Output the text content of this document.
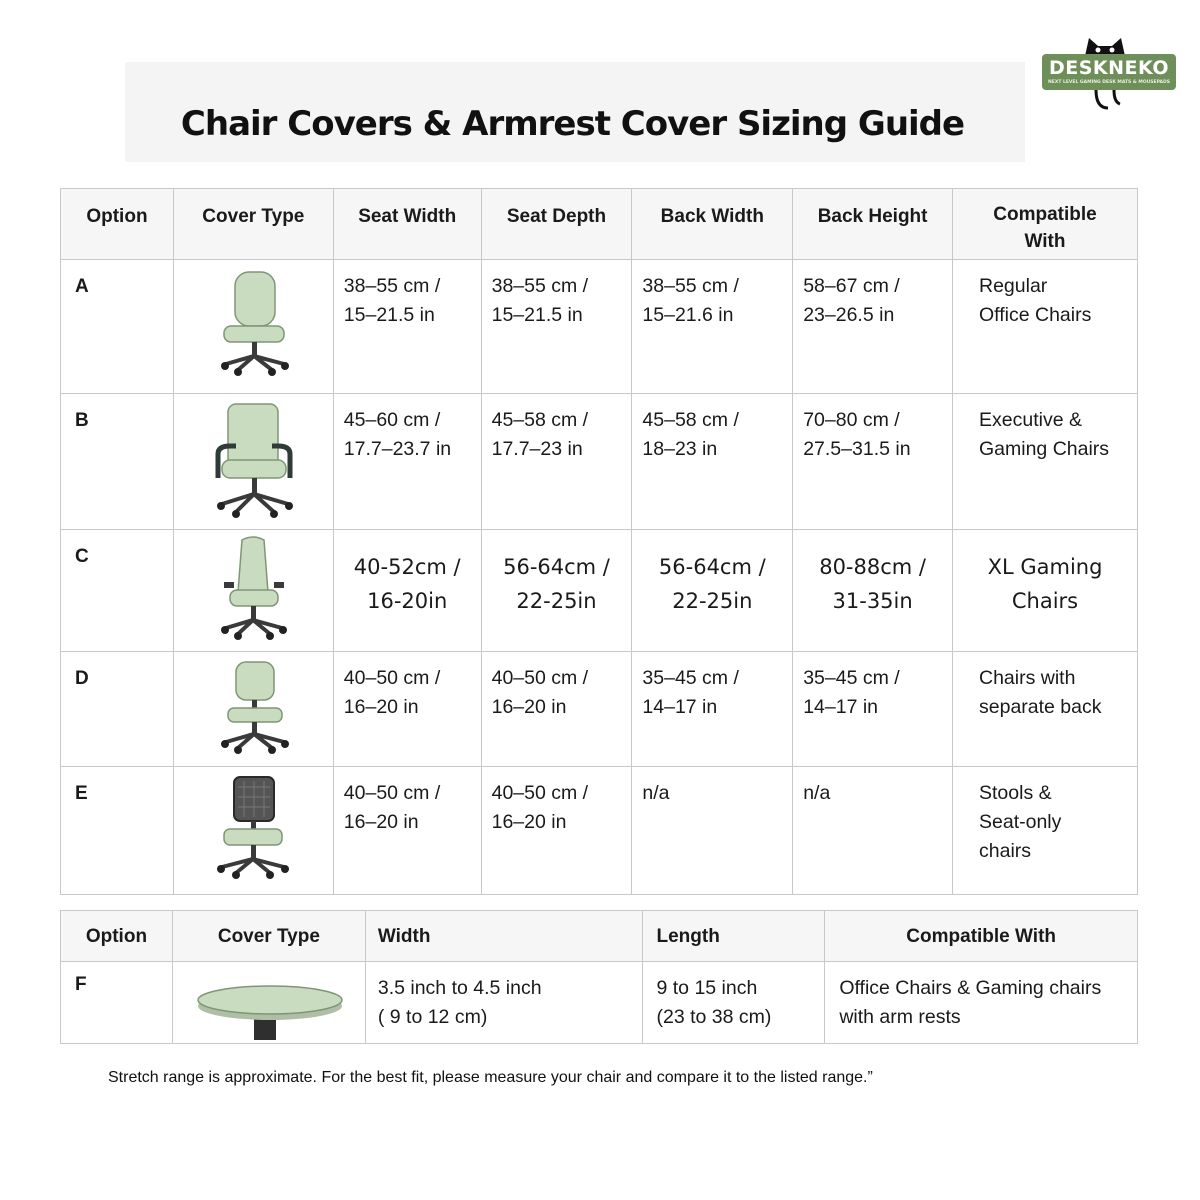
Chair Covers & Armrest Cover Sizing Guide
DESKNEKO
NEXT LEVEL GAMING DESK MATS & MOUSEPADS
Option	Cover Type	Seat Width	Seat Depth	Back Width	Back Height	Compatible With

A		38–55 cm /
15–21.5 in	38–55 cm /
15–21.5 in	38–55 cm /
15–21.6 in	58–67 cm /
23–26.5 in	Regular
Office Chairs

B		45–60 cm /
17.7–23.7 in	45–58 cm /
17.7–23 in	45–58 cm /
18–23 in	70–80 cm /
27.5–31.5 in	Executive &
Gaming Chairs

C		40-52cm /
16-20in	56-64cm /
22-25in	56-64cm /
22-25in	80-88cm /
31-35in	XL Gaming
Chairs

D		40–50 cm /
16–20 in	40–50 cm /
16–20 in	35–45 cm /
14–17 in	35–45 cm /
14–17 in	Chairs with
separate back

E		40–50 cm /
16–20 in	40–50 cm /
16–20 in	n/a	n/a	Stools &
Seat-only
chairs
Option	Cover Type	Width	Length	Compatible With

F		3.5 inch to 4.5 inch
( 9 to 12 cm)	9 to 15 inch
(23 to 38 cm)	Office Chairs & Gaming chairs
with arm rests
Stretch range is approximate. For the best fit, please measure your chair and compare it to the listed range.”
